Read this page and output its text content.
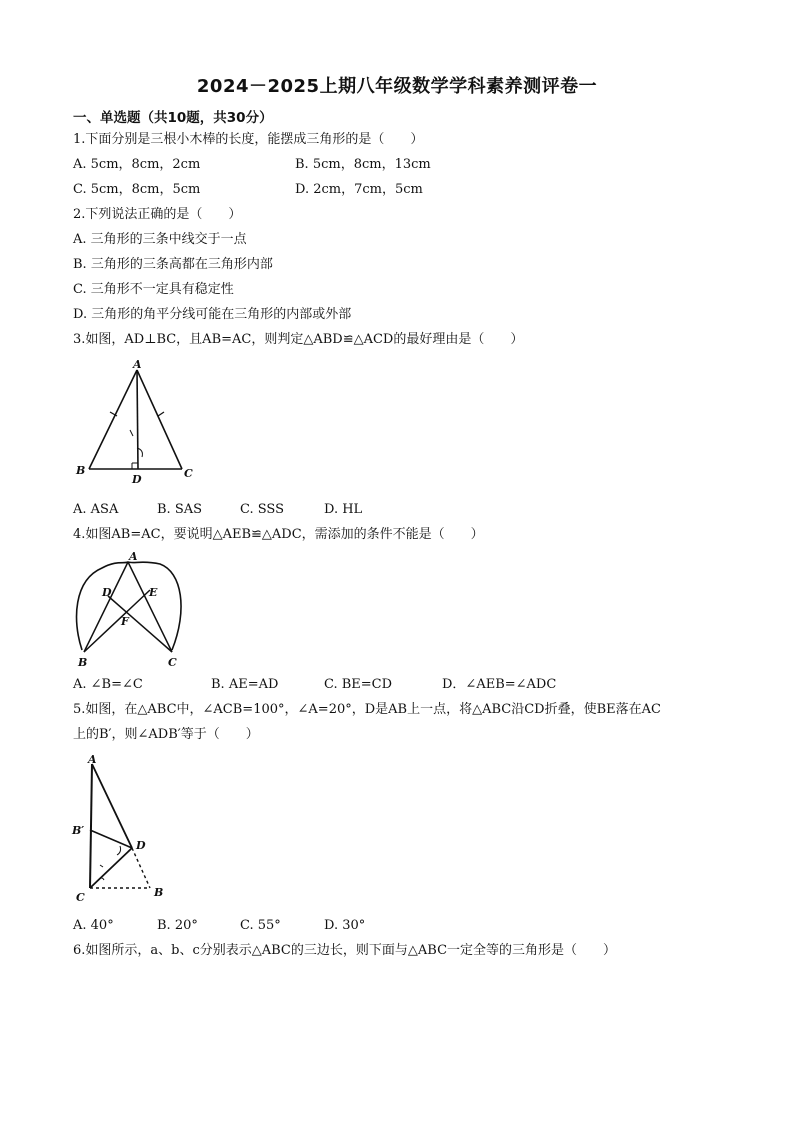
2024－2025上期八年级数学学科素养测评卷一
一、单选题（共10题，共30分）
1.下面分别是三根小木棒的长度，能摆成三角形的是（　　）
A. 5cm，8cm，2cm	B. 5cm，8cm，13cm
C. 5cm，8cm，5cm	D. 2cm，7cm，5cm
2.下列说法正确的是（　　）
A. 三角形的三条中线交于一点
B. 三角形的三条高都在三角形内部
C. 三角形不一定具有稳定性
D. 三角形的角平分线可能在三角形的内部或外部
3.如图，AD⊥BC，且AB=AC，则判定△ABD≌△ACD的最好理由是（　　）
A
B
D	C
A. ASA	B. SAS	C. SSS	D. HL
4.如图AB=AC，要说明△AEB≌△ADC，需添加的条件不能是（　　）
A
D	E
F
B	C
A. ∠B=∠C	B. AE=AD	C. BE=CD	D．∠AEB=∠ADC
5.如图，在△ABC中，∠ACB=100°，∠A=20°，D是AB上一点，将△ABC沿CD折叠，使BE落在AC
上的B′，则∠ADB′等于（　　）
A
B′
D
C	B
A. 40°	B. 20°	C. 55°	D. 30°
6.如图所示，a、b、c分别表示△ABC的三边长，则下面与△ABC一定全等的三角形是（　　）
